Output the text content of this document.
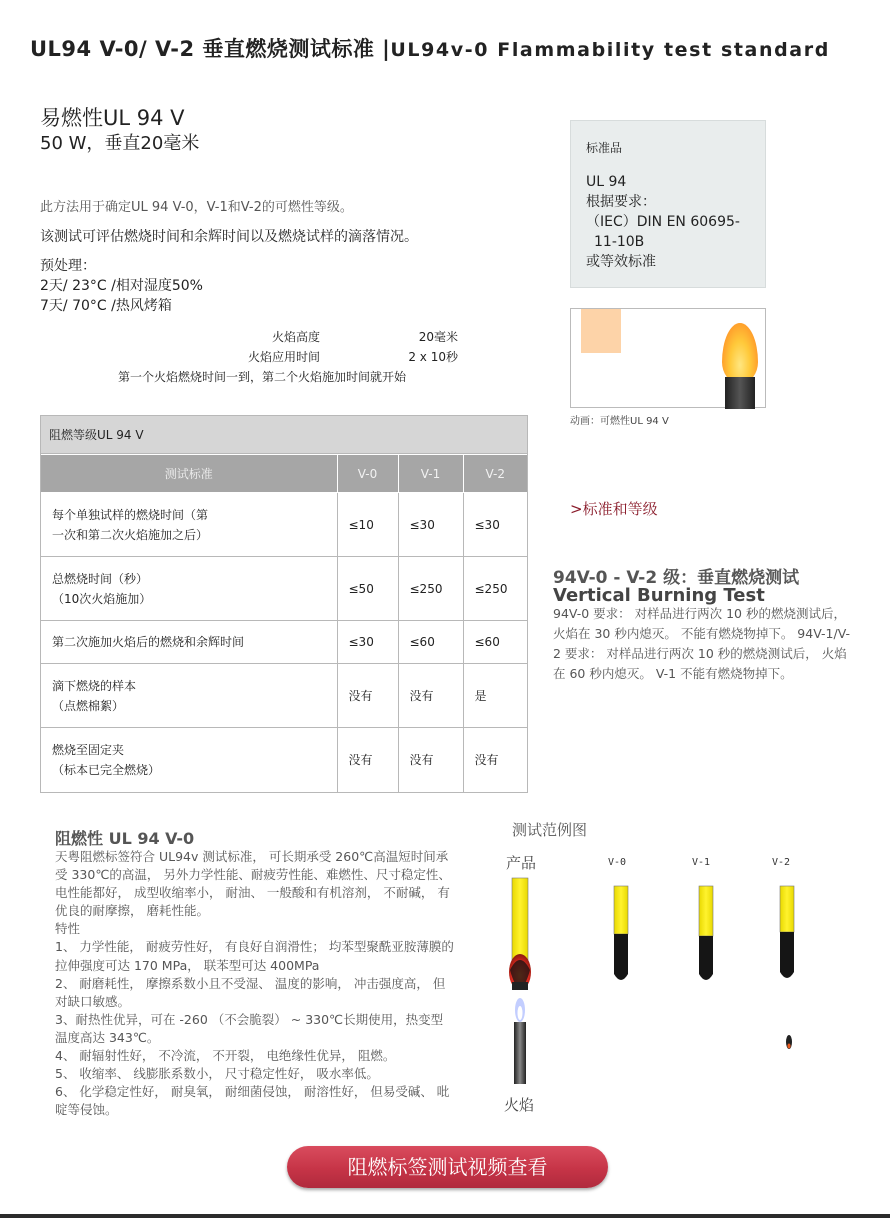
UL94 V-0/ V-2 垂直燃烧测试标准 |UL94v-0 Flammability test standard
易燃性UL 94 V
50 W，垂直20毫米
此方法用于确定UL 94 V-0，V-1和V-2的可燃性等级。
该测试可评估燃烧时间和余辉时间以及燃烧试样的滴落情况。
预处理：
2天/ 23°C /相对湿度50%
7天/ 70°C /热风烤箱
火焰高度	20毫米
火焰应用时间	2 x 10秒
第一个火焰燃烧时间一到，第二个火焰施加时间就开始
标准品
UL 94
根据要求：
（IEC）DIN EN 60695-11-10B
或等效标准
动画：可燃性UL 94 V
>标准和等级
阻燃等级UL 94 V
测试标准	V-0	V-1	V-2

每个单独试样的燃烧时间（第
一次和第二次火焰施加之后）	≤10	≤30	≤30

总燃烧时间（秒）
（10次火焰施加）	≤50	≤250	≤250

第二次施加火焰后的燃烧和余辉时间	≤30	≤60	≤60

滴下燃烧的样本
（点燃棉絮）	没有	没有	是

燃烧至固定夹
（标本已完全燃烧）	没有	没有	没有
94V-0 - V-2 级：垂直燃烧测试
Vertical Burning Test
94V-0 要求： 对样品进行两次 10 秒的燃烧测试后， 火焰在 30 秒内熄灭。 不能有燃烧物掉下。 94V-1/V-2 要求： 对样品进行两次 10 秒的燃烧测试后， 火焰在 60 秒内熄灭。 V-1 不能有燃烧物掉下。
阻燃性 UL 94 V-0
天粤阻燃标签符合 UL94v 测试标准， 可长期承受 260℃高温短时间承受 330℃的高温， 另外力学性能、耐疲劳性能、难燃性、尺寸稳定性、 电性能都好， 成型收缩率小， 耐油、 一般酸和有机溶剂， 不耐碱， 有优良的耐摩擦， 磨耗性能。
特性
1、 力学性能， 耐疲劳性好， 有良好自润滑性； 均苯型聚酰亚胺薄膜的拉伸强度可达 170 MPa， 联苯型可达 400MPa
2、 耐磨耗性， 摩擦系数小且不受湿、 温度的影响， 冲击强度高， 但对缺口敏感。
3、耐热性优异，可在 -260 （不会脆裂） ~ 330℃长期使用，热变型温度高达 343℃。
4、 耐辐射性好， 不冷流， 不开裂， 电绝缘性优异， 阻燃。
5、 收缩率、 线膨胀系数小， 尺寸稳定性好， 吸水率低。
6、 化学稳定性好， 耐臭氧， 耐细菌侵蚀， 耐溶性好， 但易受碱、 吡啶等侵蚀。
测试范例图
产品	V-0	V-1	V-2
火焰
阻燃标签测试视频查看
